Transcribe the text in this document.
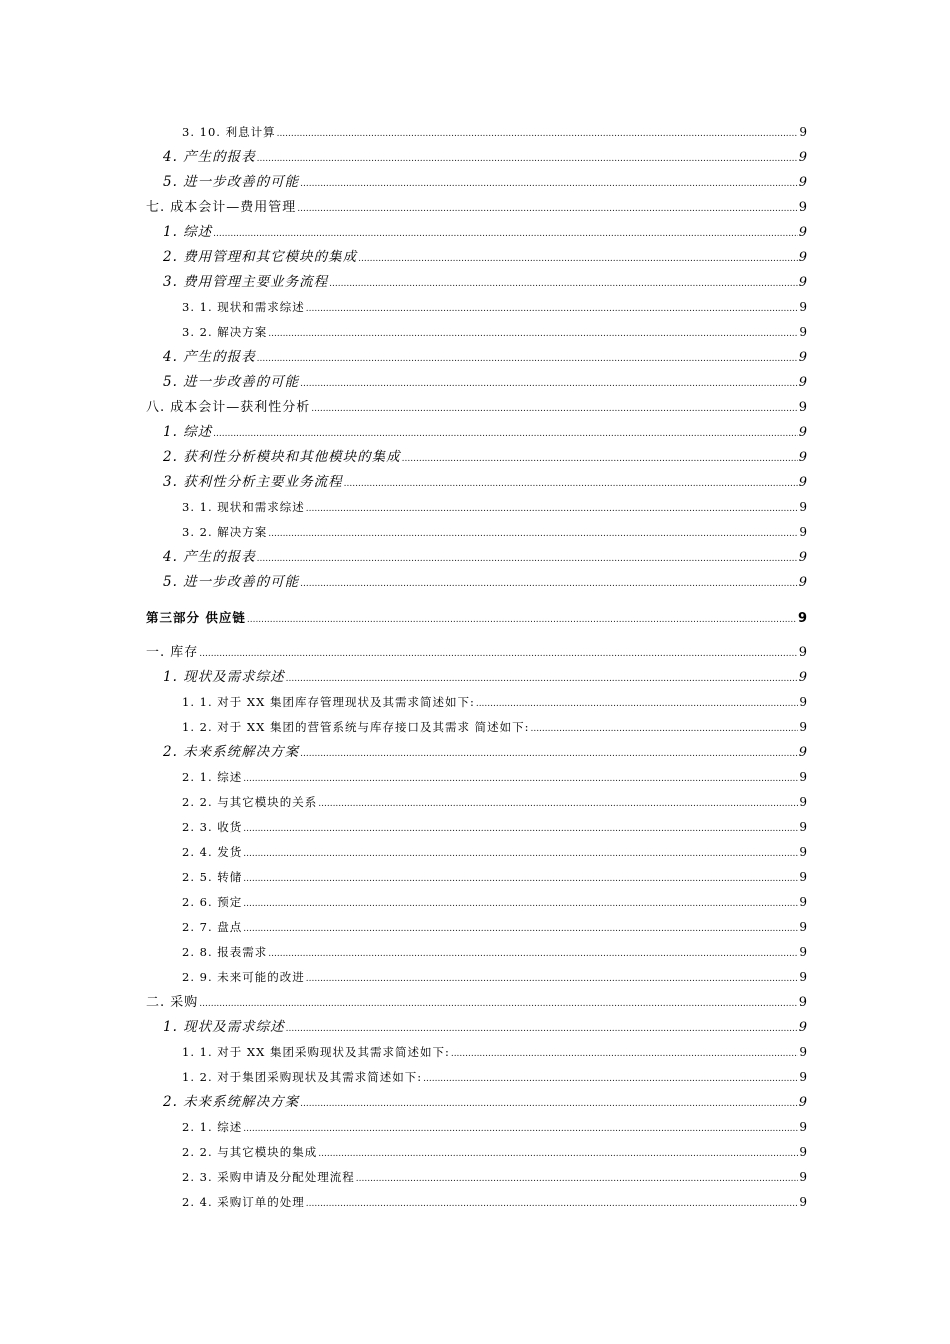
3. 10. 利息计算 .....	9
4. 产生的报表 .....	9
5. 进一步改善的可能 .....	9
七. 成本会计—费用管理 .....	9
1. 综述 .....	9
2. 费用管理和其它模块的集成 .....	9
3. 费用管理主要业务流程 .....	9
3. 1. 现状和需求综述 .....	9
3. 2. 解决方案 .....	9
4. 产生的报表 .....	9
5. 进一步改善的可能 .....	9
八. 成本会计—获利性分析 .....	9
1. 综述 .....	9
2. 获利性分析模块和其他模块的集成 .....	9
3. 获利性分析主要业务流程 .....	9
3. 1. 现状和需求综述 .....	9
3. 2. 解决方案 .....	9
4. 产生的报表 .....	9
5. 进一步改善的可能 .....	9
第三部分 供应链 .....	9
一. 库存 .....	9
1. 现状及需求综述 .....	9
1. 1. 对于 XX 集团库存管理现状及其需求简述如下: .....	9
1. 2. 对于 XX 集团的营管系统与库存接口及其需求 简述如下: .....	9
2. 未来系统解决方案 .....	9
2. 1. 综述 .....	9
2. 2. 与其它模块的关系 .....	9
2. 3. 收货 .....	9
2. 4. 发货 .....	9
2. 5. 转储 .....	9
2. 6. 预定 .....	9
2. 7. 盘点 .....	9
2. 8. 报表需求 .....	9
2. 9. 未来可能的改进 .....	9
二. 采购 .....	9
1. 现状及需求综述 .....	9
1. 1. 对于 XX 集团采购现状及其需求简述如下: .....	9
1. 2. 对于集团采购现状及其需求简述如下: .....	9
2. 未来系统解决方案 .....	9
2. 1. 综述 .....	9
2. 2. 与其它模块的集成 .....	9
2. 3. 采购申请及分配处理流程 .....	9
2. 4. 采购订单的处理 .....	9
